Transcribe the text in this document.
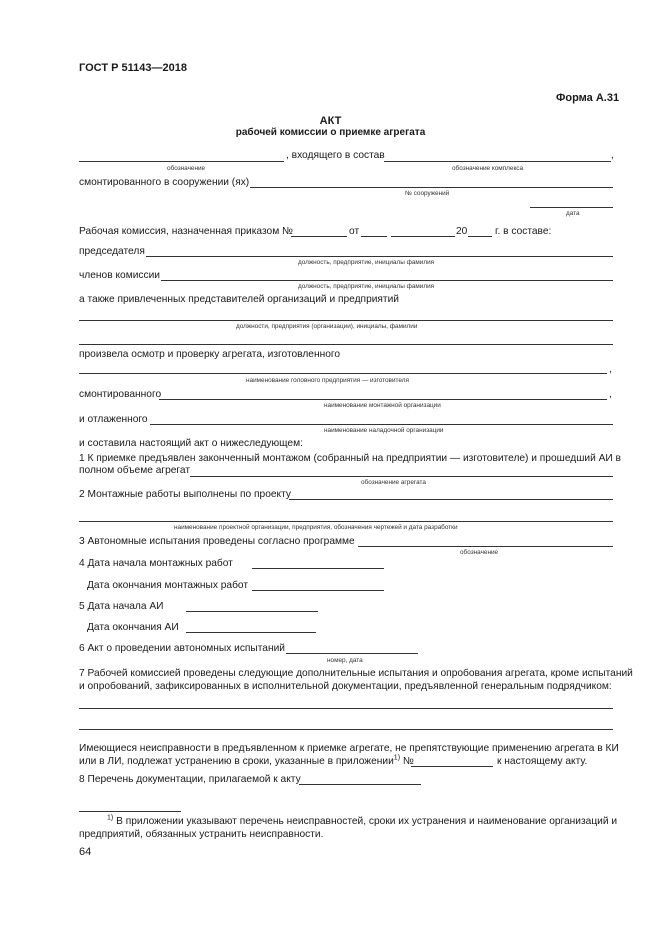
ГОСТ Р 51143—2018
Форма А.31
АКТ
рабочей комиссии о приемке агрегата
, входящего в состав	,
обозначение	обозначение комплекса
смонтированного в сооружении (ях)
№ сооружений
дата
Рабочая комиссия, назначенная приказом №	от	20	г. в составе:
председателя
должность, предприятие, инициалы фамилия
членов комиссии
должность, предприятие, инициалы фамилия
а также привлеченных представителей организаций и предприятий
должности, предприятия (организации), инициалы, фамилии
произвела осмотр и проверку агрегата, изготовленного
,
наименование головного предприятия — изготовителя
смонтированного	,
наименование монтажной организации
и отлаженного
наименование наладочной организации
и составила настоящий акт о нижеследующем:
1 К приемке предъявлен законченный монтажом (собранный на предприятии — изготовителе) и прошедший АИ в
полном объеме агрегат
обозначение агрегата
2 Монтажные работы выполнены по проекту
наименование проектной организации, предприятия, обозначения чертежей и дата разработки
3 Автономные испытания проведены согласно программе
обозначение
4 Дата начала монтажных работ
Дата окончания монтажных работ
5 Дата начала АИ
Дата окончания АИ
6 Акт о проведении автономных испытаний
номер, дата
7 Рабочей комиссией проведены следующие дополнительные испытания и опробования агрегата, кроме испытаний
и опробований, зафиксированных в исполнительной документации, предъявленной генеральным подрядчиком:
Имеющиеся неисправности в предъявленном к приемке агрегате, не препятствующие применению агрегата в КИ
или в ЛИ, подлежат устранению в сроки, указанные в приложении$^{1)}$ №	к настоящему акту.
8 Перечень документации, прилагаемой к акту
$^{1)}$ В приложении указывают перечень неисправностей, сроки их устранения и наименование организаций и
предприятий, обязанных устранить неисправности.
64
